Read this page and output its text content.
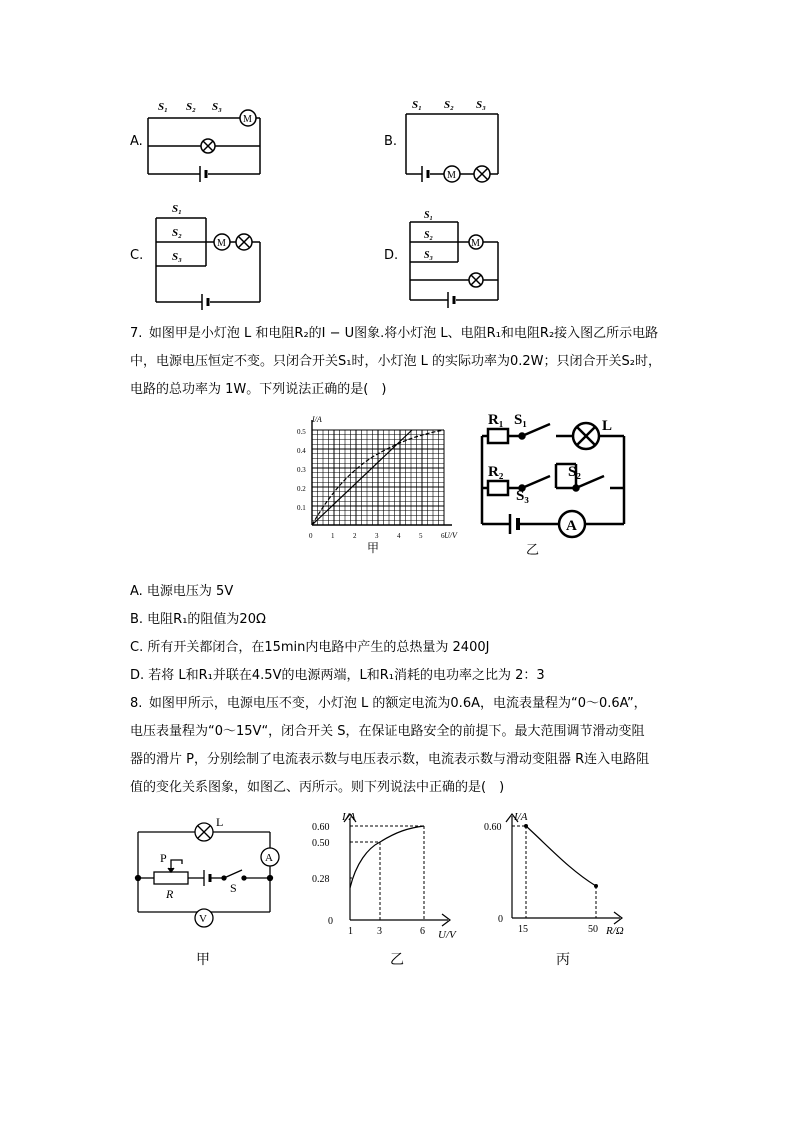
A.
M
S₁ S₂ S₃
B.
M
S₁ S₂ S₃
C.
M
S₁
S₂
S₃	D.
M
S₁
S₂
S₃
7. 如图甲是小灯泡 L 和电阻R₂的I − U图象.将小灯泡 L、电阻R₁和电阻R₂接入图乙所示电路
中，电源电压恒定不变。只闭合开关S₁时，小灯泡 L 的实际功率为0.2W；只闭合开关S₂时，
电路的总功率为 1W。下列说法正确的是( )
I/A
U/V
0.5
0.4
0.3
0.2
0.1
0	1	2	3	4	5	6
甲
R₁ S₁	L
R₂
S₃
S₂
A
乙
A. 电源电压为 5V
B. 电阻R₁的阻值为20Ω
C. 所有开关都闭合，在15min内电路中产生的总热量为 2400J
D. 若将 L和R₁并联在4.5V的电源两端，L和R₁消耗的电功率之比为 2：3
8. 如图甲所示，电源电压不变，小灯泡 L 的额定电流为0.6A，电流表量程为“0～0.6A”，
电压表量程为“0～15V“，闭合开关 S，在保证电路安全的前提下。最大范围调节滑动变阻
器的滑片 P，分别绘制了电流表示数与电压表示数，电流表示数与滑动变阻器 R连入电路阻
值的变化关系图象，如图乙、丙所示。则下列说法中正确的是( )
L
A
P
R	S
V
甲
I/A
U/V
0.60
0.50
0.28
0
1 3	6
乙
I/A
R/Ω
0.60
0
15	50
丙
